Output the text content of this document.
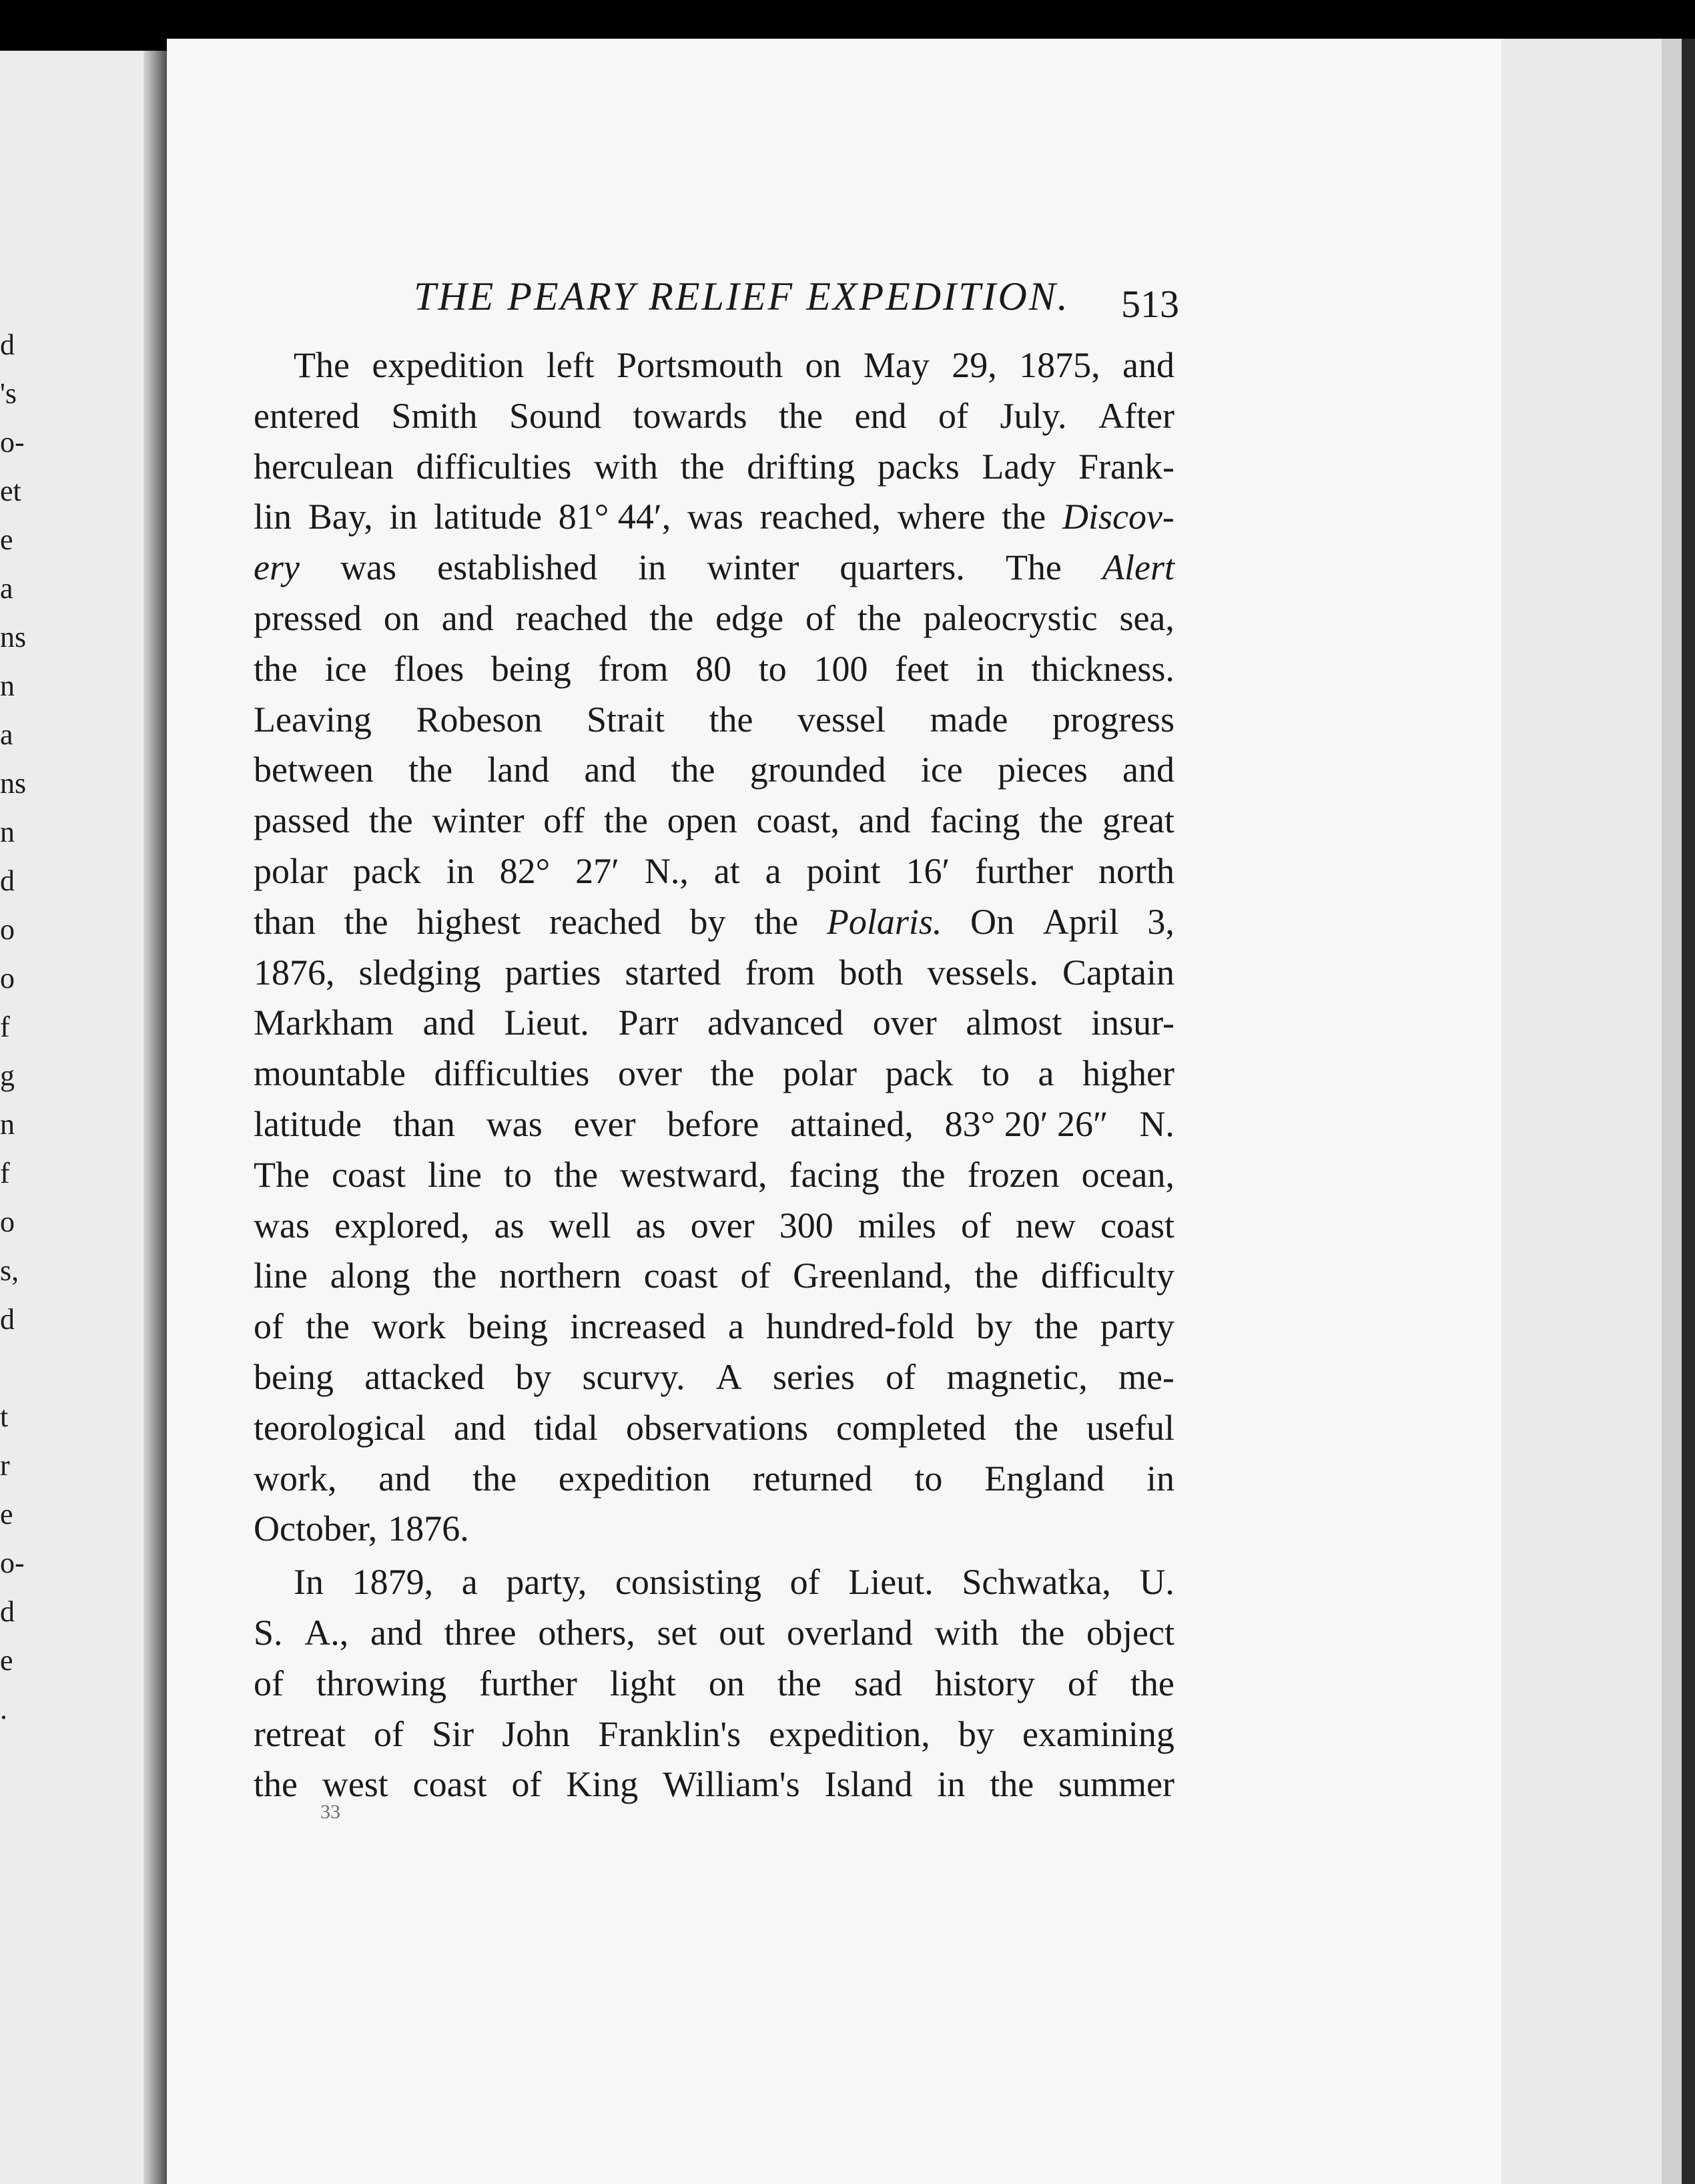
d
's
o-
et
e
a
ns
n
a
ns
n
d
o
o
f
g
n
f
o
s,
d
t
r
e
o-
d
e
.
THE PEARY RELIEF EXPEDITION. 513
The expedition left Portsmouth on May 29, 1875, and
entered Smith Sound towards the end of July. After
herculean difficulties with the drifting packs Lady Frank-
lin Bay, in latitude 81° 44′, was reached, where the Discov-
ery was established in winter quarters. The Alert
pressed on and reached the edge of the paleocrystic sea,
the ice floes being from 80 to 100 feet in thickness.
Leaving Robeson Strait the vessel made progress
between the land and the grounded ice pieces and
passed the winter off the open coast, and facing the great
polar pack in 82° 27′ N., at a point 16′ further north
than the highest reached by the Polaris. On April 3,
1876, sledging parties started from both vessels. Captain
Markham and Lieut. Parr advanced over almost insur-
mountable difficulties over the polar pack to a higher
latitude than was ever before attained, 83° 20′ 26″ N.
The coast line to the westward, facing the frozen ocean,
was explored, as well as over 300 miles of new coast
line along the northern coast of Greenland, the difficulty
of the work being increased a hundred-fold by the party
being attacked by scurvy. A series of magnetic, me-
teorological and tidal observations completed the useful
work, and the expedition returned to England in
October, 1876.
In 1879, a party, consisting of Lieut. Schwatka, U.
S. A., and three others, set out overland with the object
of throwing further light on the sad history of the
retreat of Sir John Franklin's expedition, by examining
the west coast of King William's Island in the summer
33
